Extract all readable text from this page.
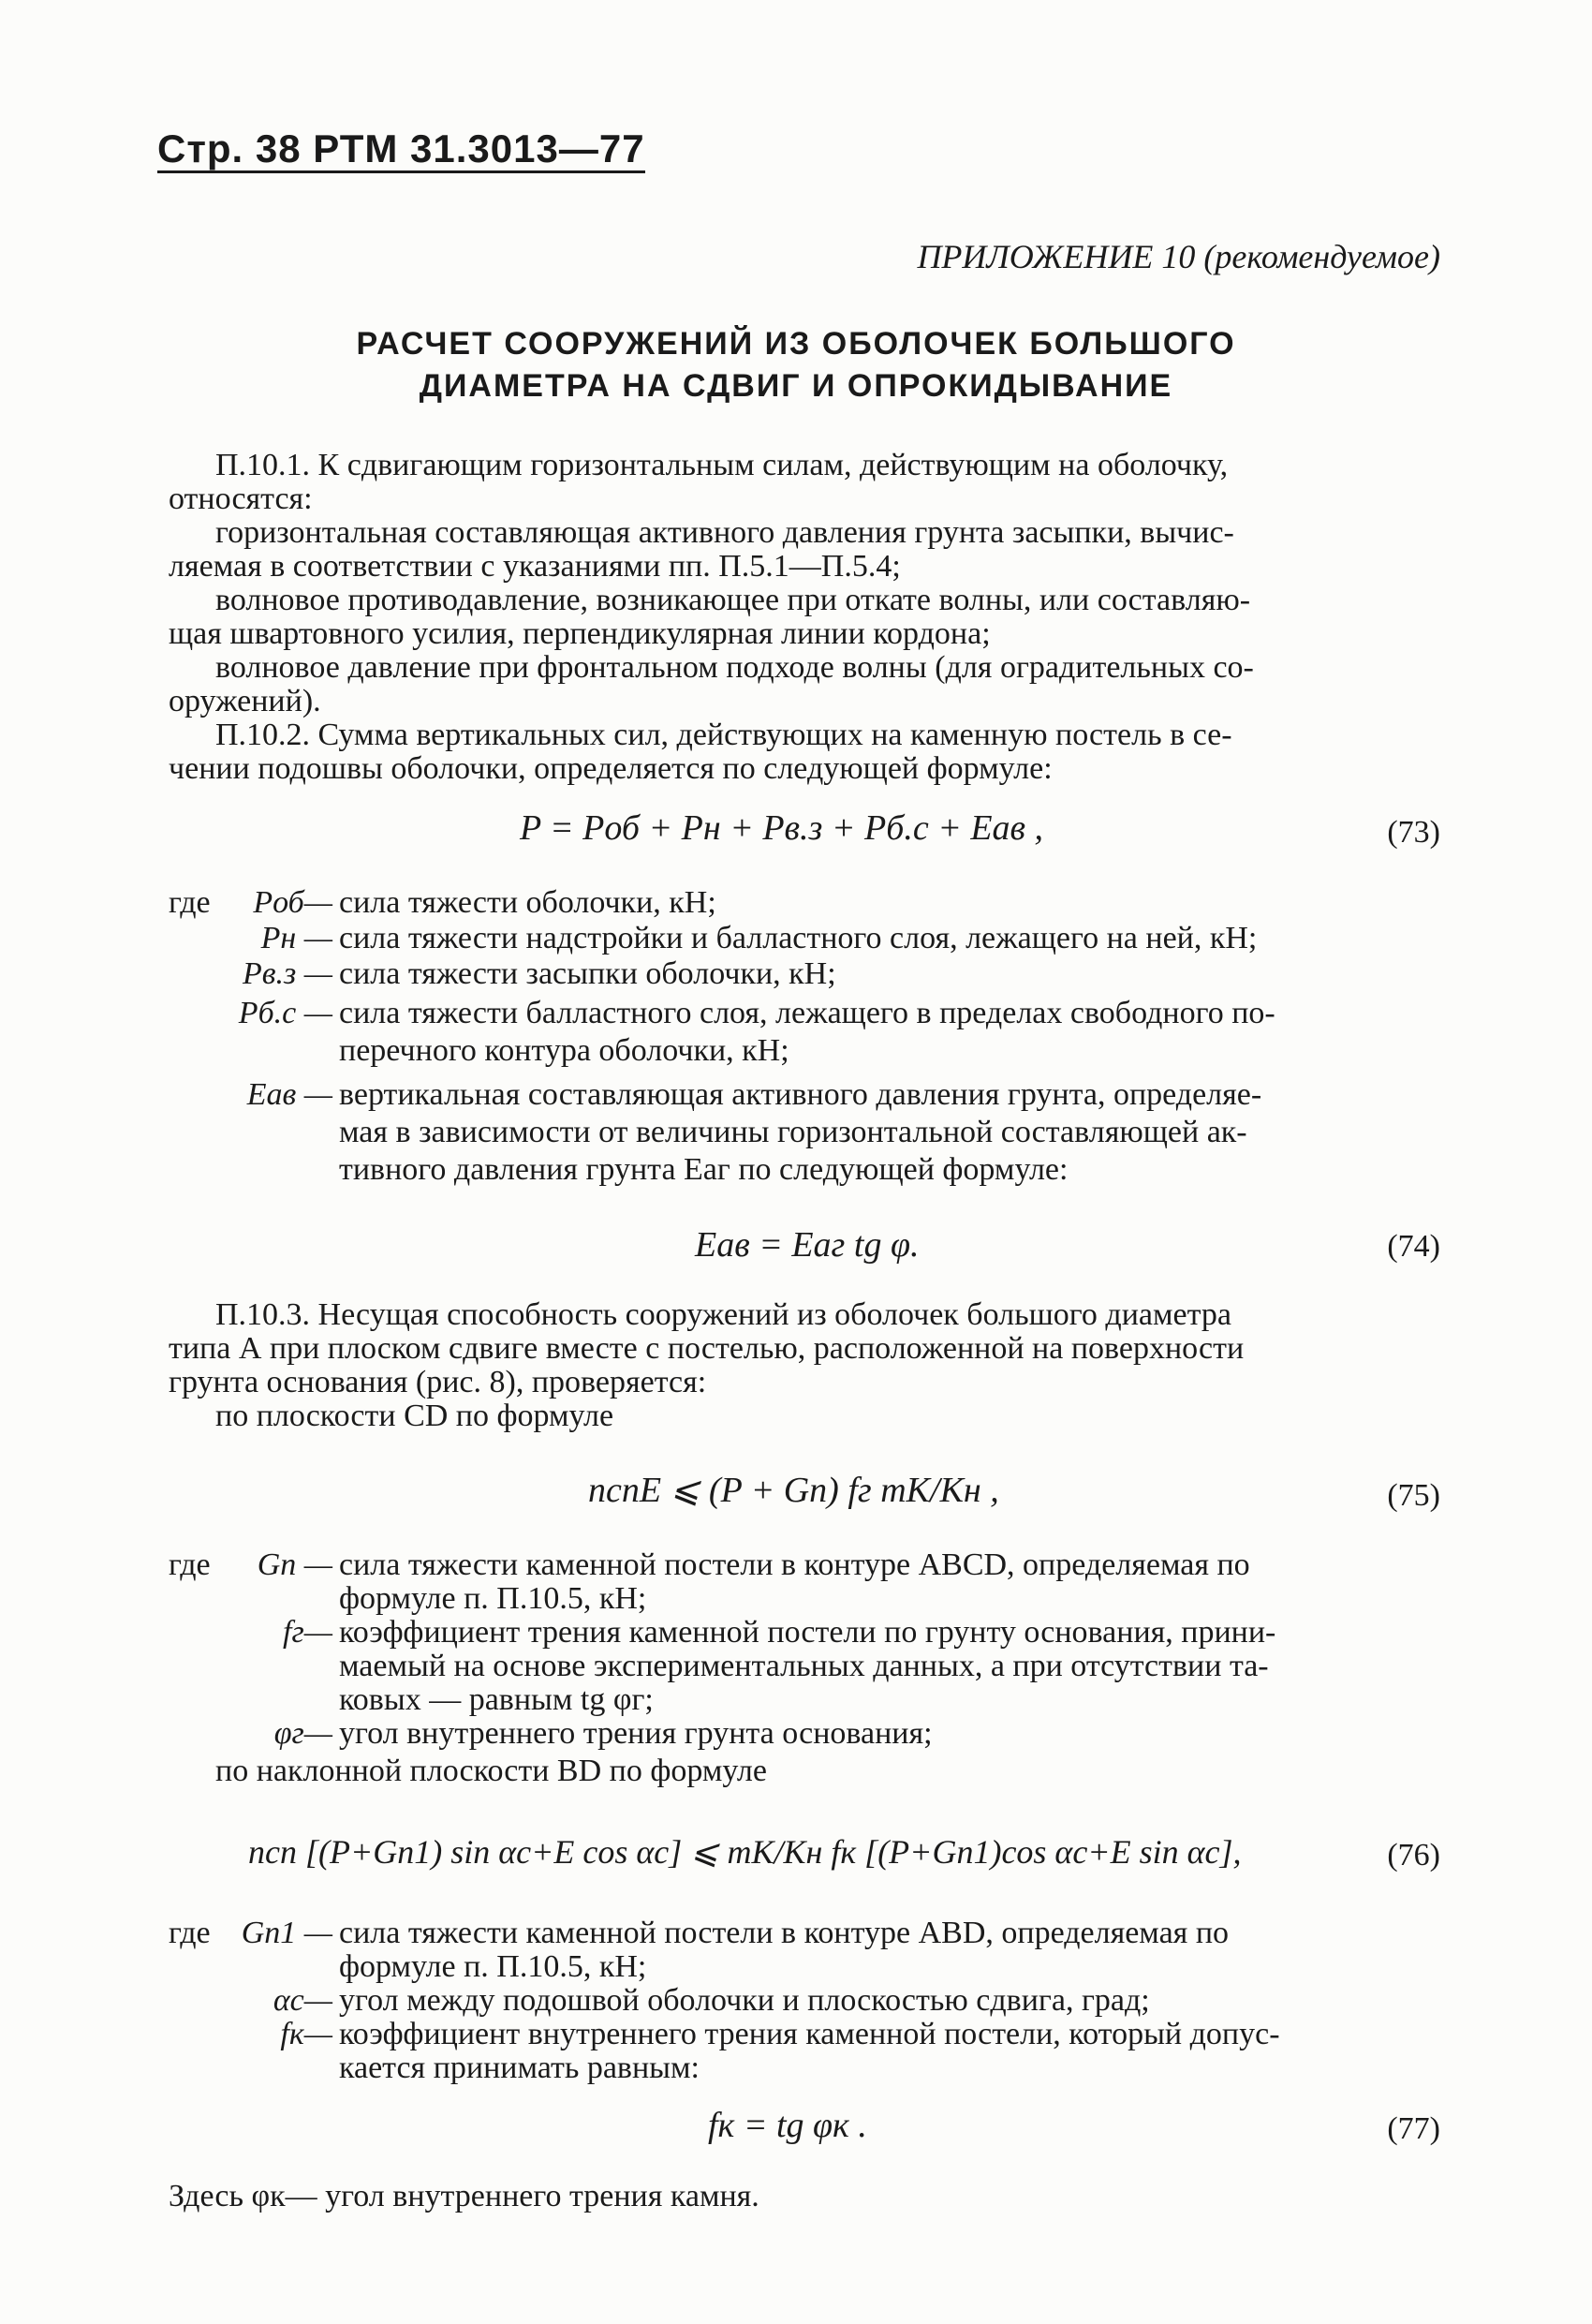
Стр. 38 РТМ 31.3013—77
ПРИЛОЖЕНИЕ 10 (рекомендуемое)
РАСЧЕТ СООРУЖЕНИЙ ИЗ ОБОЛОЧЕК БОЛЬШОГО
ДИАМЕТРА НА СДВИГ И ОПРОКИДЫВАНИЕ
П.10.1. К сдвигающим горизонтальным силам, действующим на оболочку,
относятся:
горизонтальная составляющая активного давления грунта засыпки, вычис-
ляемая в соответствии с указаниями пп. П.5.1—П.5.4;
волновое противодавление, возникающее при откате волны, или составляю-
щая швартовного усилия, перпендикулярная линии кордона;
волновое давление при фронтальном подходе волны (для оградительных со-
оружений).
П.10.2. Сумма вертикальных сил, действующих на каменную постель в се-
чении подошвы оболочки, определяется по следующей формуле:
P = Pоб + Pн + Pв.з + Pб.с + Eав ,	(73)
где	Pоб— сила тяжести оболочки, кН;
Pн — сила тяжести надстройки и балластного слоя, лежащего на ней, кН;
Pв.з — сила тяжести засыпки оболочки, кН;
Pб.с — сила тяжести балластного слоя, лежащего в пределах свободного по-
перечного контура оболочки, кН;
Eав — вертикальная составляющая активного давления грунта, определяе-
мая в зависимости от величины горизонтальной составляющей ак-
тивного давления грунта Eаг по следующей формуле:
Eав = Eаг tg φ.	(74)
П.10.3. Несущая способность сооружений из оболочек большого диаметра
типа А при плоском сдвиге вместе с постелью, расположенной на поверхности
грунта основания (рис. 8), проверяется:
по плоскости CD по формуле
nсnE ⩽ (P + Gп) fг mK/Kн ,	(75)
где	Gп — сила тяжести каменной постели в контуре ABCD, определяемая по
формуле п. П.10.5, кН;
fг— коэффициент трения каменной постели по грунту основания, прини-
маемый на основе экспериментальных данных, а при отсутствии та-
ковых — равным tg φг;
φг— угол внутреннего трения грунта основания;
по наклонной плоскости BD по формуле
nсn [(P+Gп1) sin αс+E cos αс] ⩽ mK/Kн fк [(P+Gп1)cos αс+E sin αс],	(76)
где Gп1 — сила тяжести каменной постели в контуре ABD, определяемая по
формуле п. П.10.5, кН;
αс— угол между подошвой оболочки и плоскостью сдвига, град;
fк— коэффициент внутреннего трения каменной постели, который допус-
кается принимать равным:
fк = tg φк .	(77)
Здесь φк— угол внутреннего трения камня.
